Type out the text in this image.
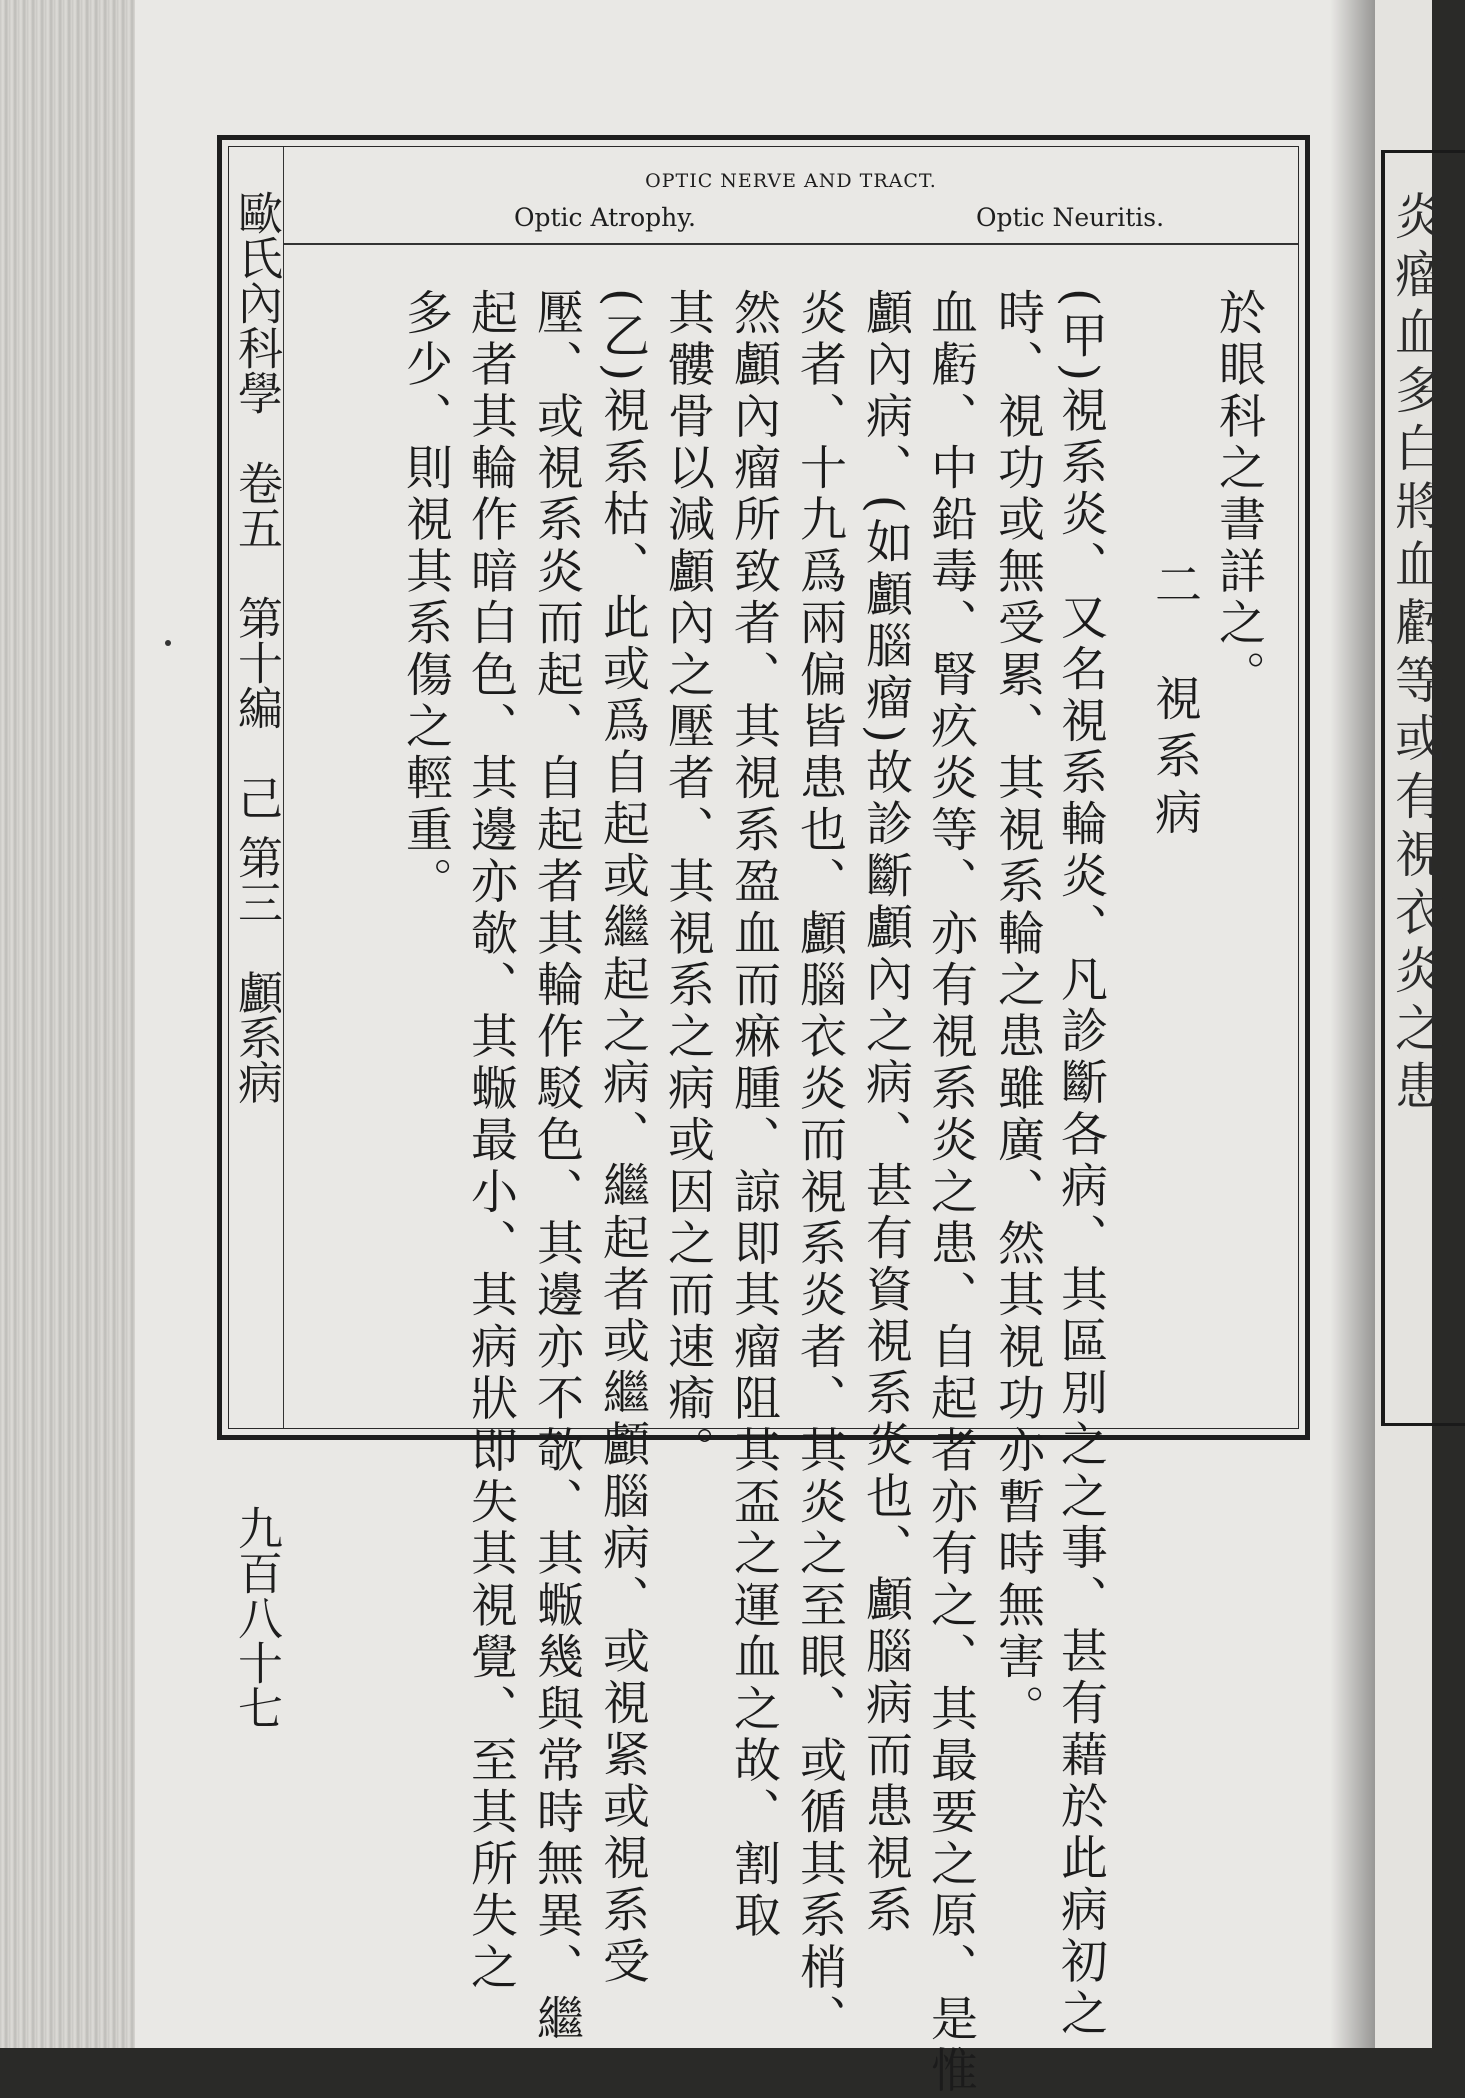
炎瘤血多白將血虧等或有視衣炎之患
OPTIC NERVE AND TRACT.
Optic Atrophy.	Optic Neuritis.
歐氏內科學　卷五　第十編　己 第三　顱系病
九百八十七
於眼科之書詳之。
二　視系病
(甲)視系炎、又名視系輪炎、凡診斷各病、其區別之之事、甚有藉於此病初之
時、視功或無受累、其視系輪之患雖廣、然其視功亦暫時無害。
血虧、中鉛毒、腎疚炎等、亦有視系炎之患、自起者亦有之、其最要之原、是惟
顱內病、(如顱腦瘤)故診斷顱內之病、甚有資視系炎也、顱腦病而患視系
炎者、十九爲兩偏皆患也、顱腦衣炎而視系炎者、其炎之至眼、或循其系梢、
然顱內瘤所致者、其視系盈血而痳腫、諒即其瘤阻其盃之運血之故、割取
其髏骨以減顱內之壓者、其視系之病或因之而速瘉。
(乙)視系枯、此或爲自起或繼起之病、繼起者或繼顱腦病、或視紧或視系受
壓、或視系炎而起、自起者其輪作駁色、其邊亦不欹、其蝂幾與常時無異、繼
起者其輪作暗白色、其邊亦欹、其蝂最小、其病狀即失其視覺、至其所失之
多少、則視其系傷之輕重。
